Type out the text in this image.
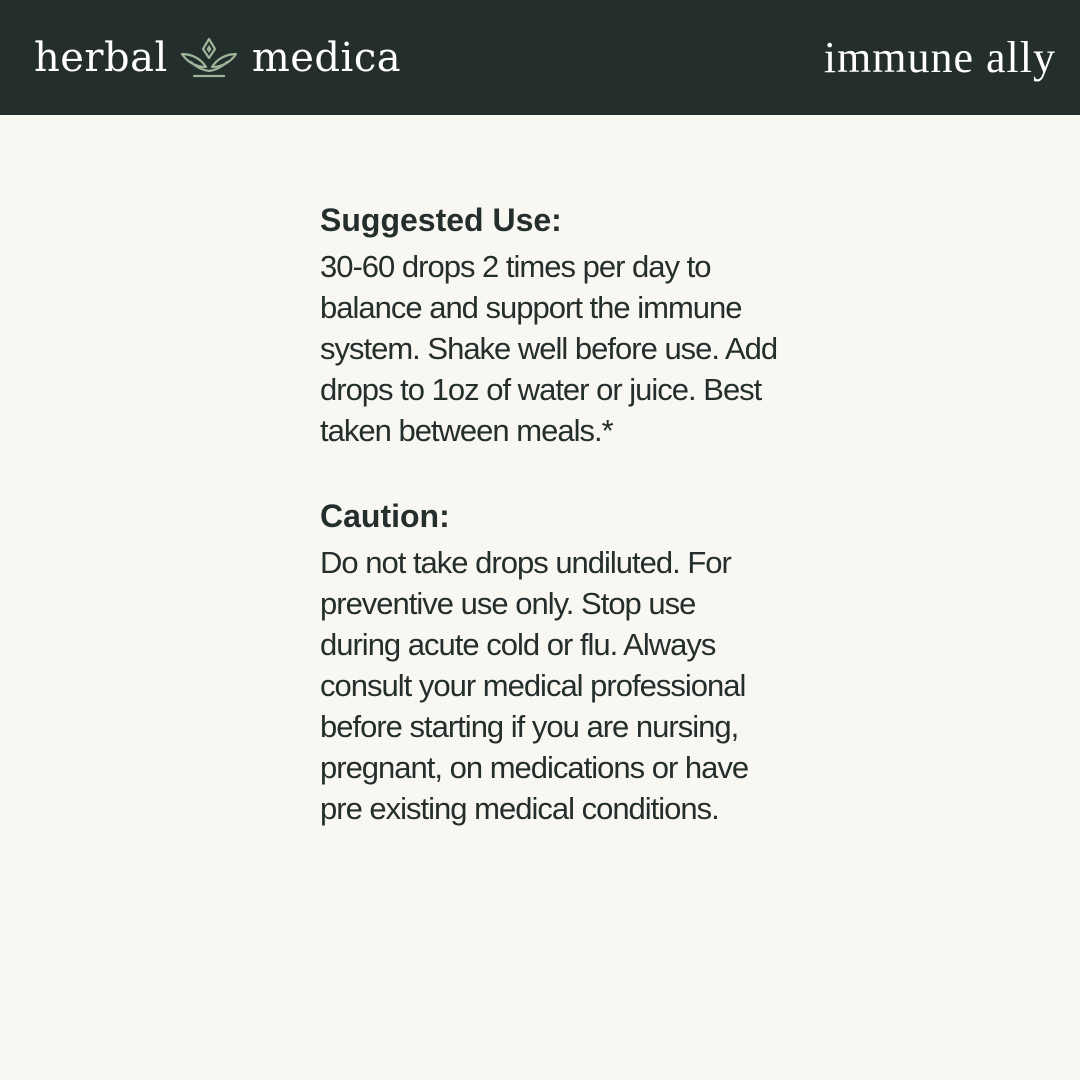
herbal medica	immune ally
Suggested Use:

30-60 drops 2 times per day to balance and support the immune system. Shake well before use. Add drops to 1oz of water or juice. Best taken between meals.*

Caution:

Do not take drops undiluted. For preventive use only. Stop use during acute cold or flu. Always consult your medical professional before starting if you are nursing, pregnant, on medications or have pre existing medical conditions.
